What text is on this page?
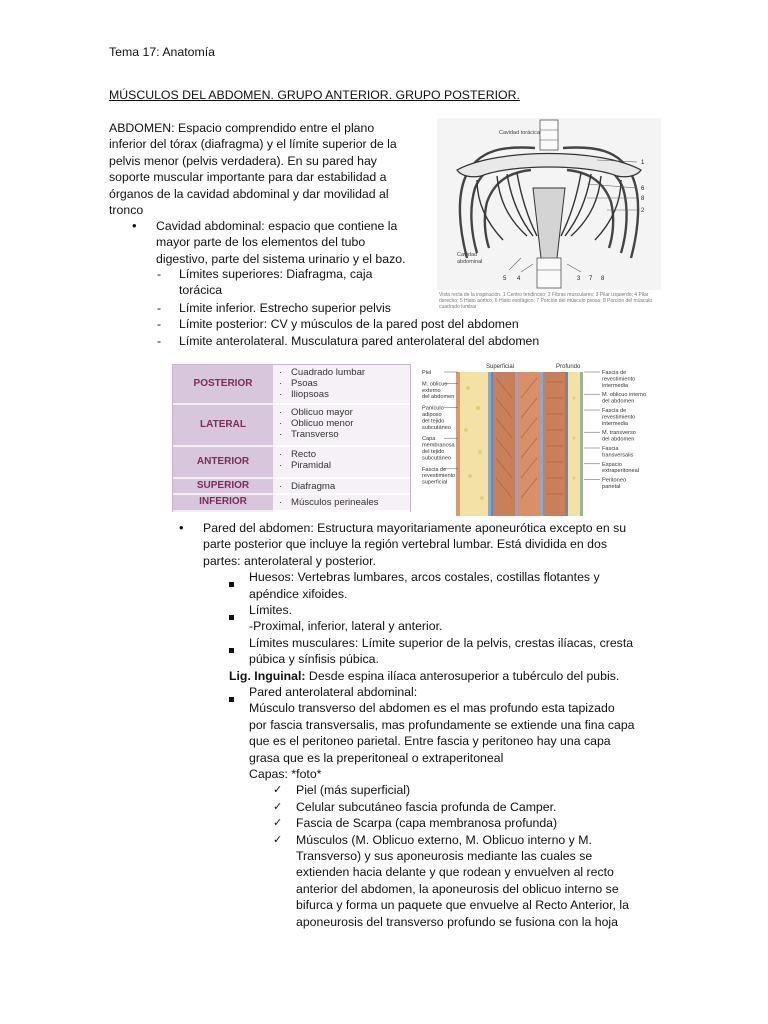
Tema 17: Anatomía
MÚSCULOS DEL ABDOMEN. GRUPO ANTERIOR. GRUPO POSTERIOR.
ABDOMEN: Espacio comprendido entre el plano
inferior del tórax (diafragma) y el límite superior de la
pelvis menor (pelvis verdadera). En su pared hay
soporte muscular importante para dar estabilidad a
órganos de la cavidad abdominal y dar movilidad al
tronco
• Cavidad abdominal: espacio que contiene la
mayor parte de los elementos del tubo
digestivo, parte del sistema urinario y el bazo.
- Límites superiores: Diafragma, caja
torácica
- Límite inferior. Estrecho superior pelvis
- Límite posterior: CV y músculos de la pared post del abdomen
- Límite anterolateral. Musculatura pared anterolateral del abdomen
Cavidad torácica
Cavidad
abdominal
1
6
8
2
5 4	3 7 8
Vista recta de la inspiración. 1 Centro tendinoso; 2 Fibras musculares; 3 Pilar izquierdo; 4 Pilar derecho; 5 Hiato aórtico; 6 Hiato esofágico; 7 Porción del músculo psoas; 8 Porción del músculo cuadrado lumbar
POSTERIOR
· Cuadrado lumbar
· Psoas
· Iliopsoas
LATERAL
· Oblicuo mayor
· Oblicuo menor
· Transverso
ANTERIOR
· Recto
· Piramidal
SUPERIOR	· Diafragma
INFERIOR	· Músculos perineales
Superficial	Profundo
Piel
M. oblicuo externo del abdomen
Panículo adiposo del tejido subcutáneo
Capa membranosa del tejido subcutáneo
Fascia de revestimiento superficial
Fascia de revestimiento intermedia
M. oblicuo interno del abdomen
Fascia de revestimiento intermedia
M. transverso del abdomen
Fascia transversalis
Espacio extraperitoneal
Peritoneo parietal
• Pared del abdomen: Estructura mayoritariamente aponeurótica excepto en su
parte posterior que incluye la región vertebral lumbar. Está dividida en dos
partes: anterolateral y posterior.
Huesos: Vertebras lumbares, arcos costales, costillas flotantes y
apéndice xifoides.
Límites.
-Proximal, inferior, lateral y anterior.
Límites musculares: Límite superior de la pelvis, crestas ilíacas, cresta
púbica y sínfisis púbica.
Lig. Inguinal: Desde espina ilíaca anterosuperior a tubérculo del pubis.
Pared anterolateral abdominal:
Músculo transverso del abdomen es el mas profundo esta tapizado
por fascia transversalis, mas profundamente se extiende una fina capa
que es el peritoneo parietal. Entre fascia y peritoneo hay una capa
grasa que es la preperitoneal o extraperitoneal
Capas: *foto*
✓ Piel (más superficial)
✓ Celular subcutáneo fascia profunda de Camper.
✓ Fascia de Scarpa (capa membranosa profunda)
✓ Músculos (M. Oblicuo externo, M. Oblicuo interno y M.
Transverso) y sus aponeurosis mediante las cuales se
extienden hacia delante y que rodean y envuelven al recto
anterior del abdomen, la aponeurosis del oblicuo interno se
bifurca y forma un paquete que envuelve al Recto Anterior, la
aponeurosis del transverso profundo se fusiona con la hoja
